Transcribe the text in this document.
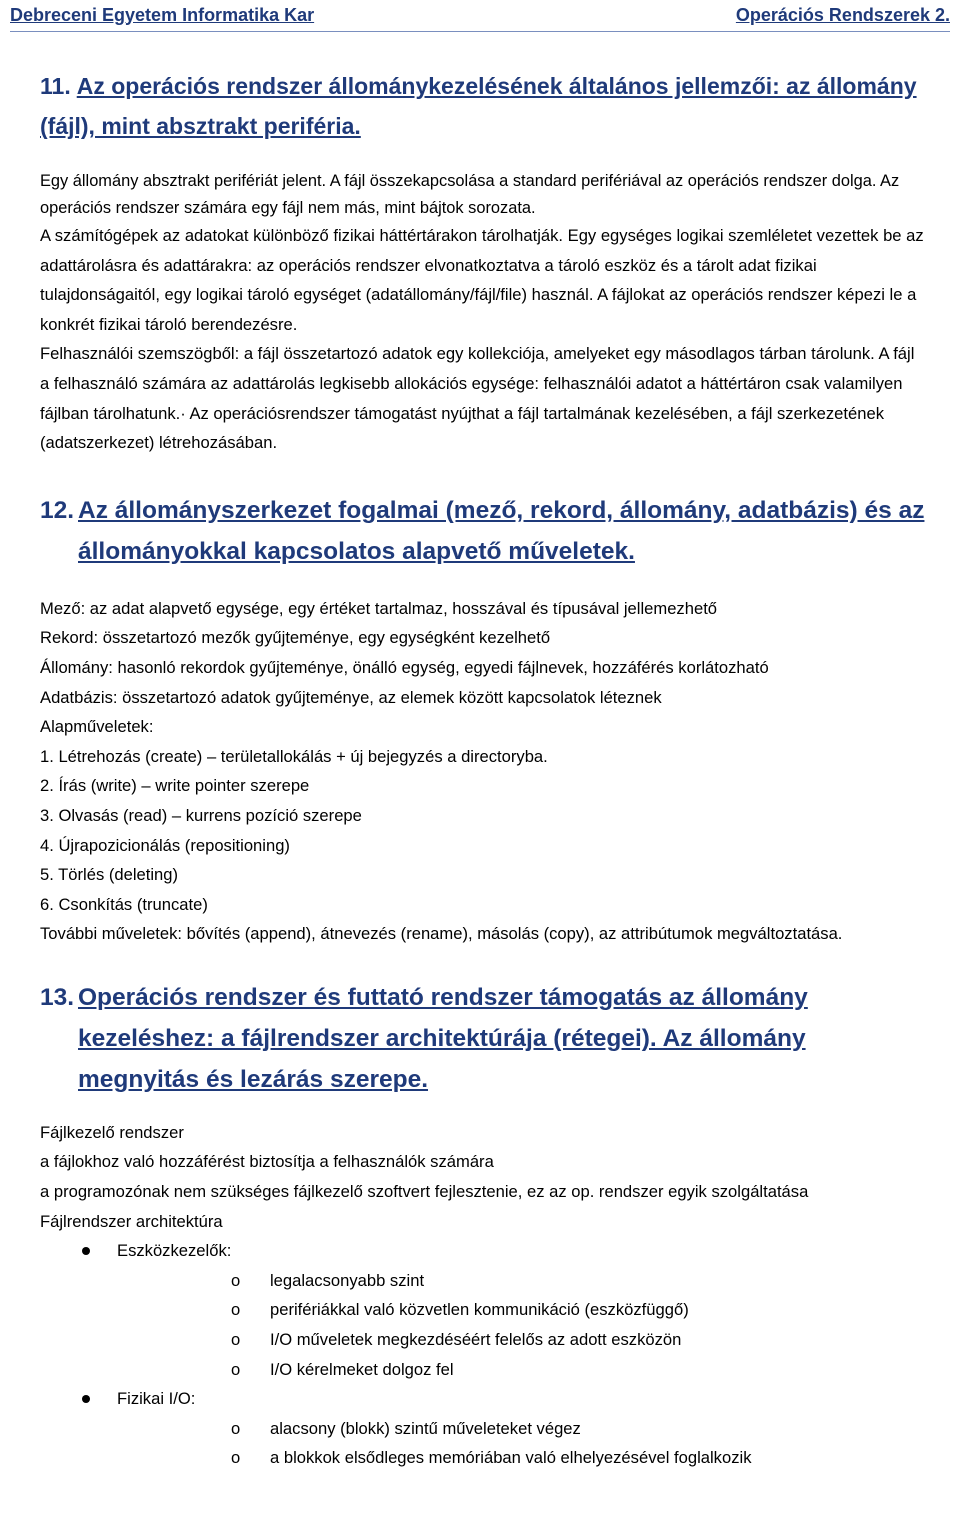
Debreceni Egyetem Informatika Kar	Operációs Rendszerek 2.
11. Az operációs rendszer állománykezelésének általános jellemzői: az állomány (fájl), mint absztrakt periféria.
Egy állomány absztrakt perifériát jelent. A fájl összekapcsolása a standard perifériával az operációs rendszer dolga. Az operációs rendszer számára egy fájl nem más, mint bájtok sorozata.
A számítógépek az adatokat különböző fizikai háttértárakon tárolhatják. Egy egységes logikai szemléletet vezettek be az adattárolásra és adattárakra: az operációs rendszer elvonatkoztatva a tároló eszköz és a tárolt adat fizikai tulajdonságaitól, egy logikai tároló egységet (adatállomány/fájl/file) használ. A fájlokat az operációs rendszer képezi le a konkrét fizikai tároló berendezésre.
Felhasználói szemszögből: a fájl összetartozó adatok egy kollekciója, amelyeket egy másodlagos tárban tárolunk. A fájl a felhasználó számára az adattárolás legkisebb allokációs egysége: felhasználói adatot a háttértáron csak valamilyen fájlban tárolhatunk.· Az operációsrendszer támogatást nyújthat a fájl tartalmának kezelésében, a fájl szerkezetének (adatszerkezet) létrehozásában.
12. Az állományszerkezet fogalmai (mező, rekord, állomány, adatbázis) és az állományokkal kapcsolatos alapvető műveletek.
Mező: az adat alapvető egysége, egy értéket tartalmaz, hosszával és típusával jellemezhető
Rekord: összetartozó mezők gyűjteménye, egy egységként kezelhető
Állomány: hasonló rekordok gyűjteménye, önálló egység, egyedi fájlnevek, hozzáférés korlátozható
Adatbázis: összetartozó adatok gyűjteménye, az elemek között kapcsolatok léteznek
Alapműveletek:
1. Létrehozás (create) – területallokálás + új bejegyzés a directoryba.
2. Írás (write) – write pointer szerepe
3. Olvasás (read) – kurrens pozíció szerepe
4. Újrapozicionálás (repositioning)
5. Törlés (deleting)
6. Csonkítás (truncate)
További műveletek: bővítés (append), átnevezés (rename), másolás (copy), az attribútumok megváltoztatása.
13. Operációs rendszer és futtató rendszer támogatás az állomány kezeléshez: a fájlrendszer architektúrája (rétegei). Az állomány megnyitás és lezárás szerepe.
Fájlkezelő rendszer
a fájlokhoz való hozzáférést biztosítja a felhasználók számára
a programozónak nem szükséges fájlkezelő szoftvert fejlesztenie, ez az op. rendszer egyik szolgáltatása
Fájlrendszer architektúra
Eszközkezelők:
o legalacsonyabb szint
o perifériákkal való közvetlen kommunikáció (eszközfüggő)
o I/O műveletek megkezdéséért felelős az adott eszközön
o I/O kérelmeket dolgoz fel
Fizikai I/O:
o alacsony (blokk) szintű műveleteket végez
o a blokkok elsődleges memóriában való elhelyezésével foglalkozik
